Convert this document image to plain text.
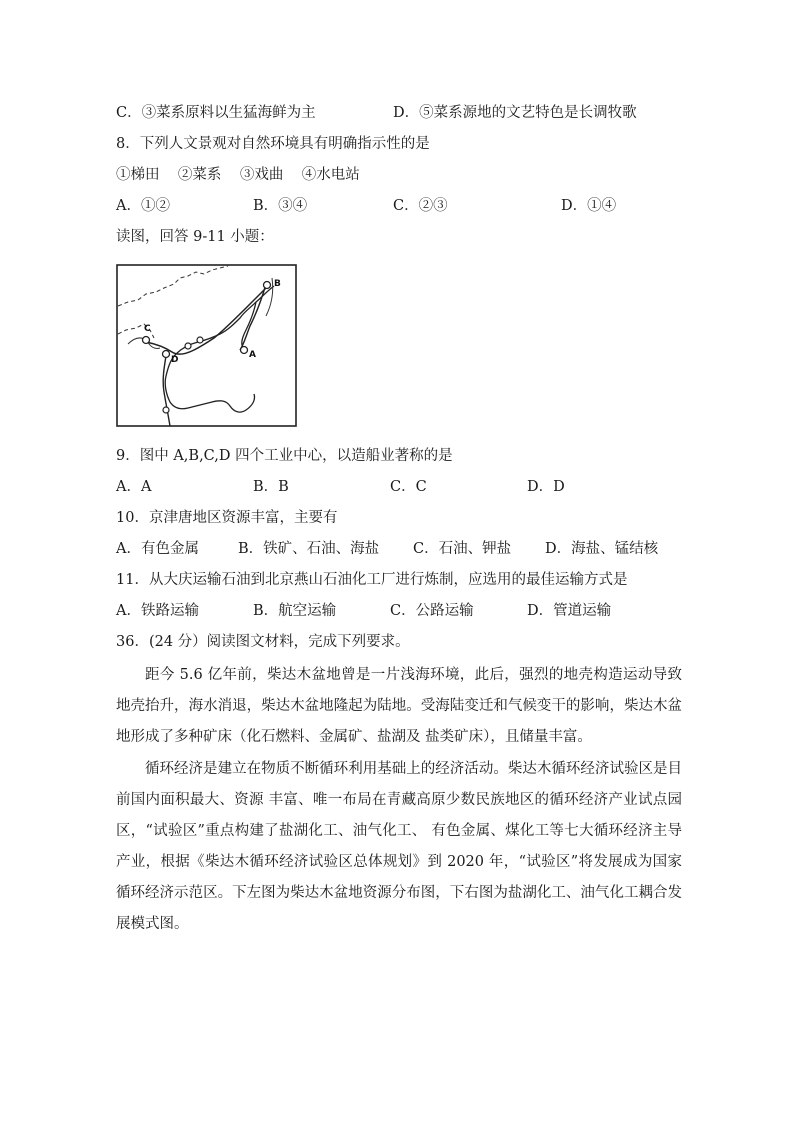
C．③菜系原料以生猛海鲜为主	D．⑤菜系源地的文艺特色是长调牧歌
8．下列人文景观对自然环境具有明确指示性的是
①梯田    ②菜系    ③戏曲    ④水电站
A．①②	B．③④	C．②③	D．①④
读图，回答 9-11 小题：
B
A
C
D
9．图中 A,B,C,D 四个工业中心，以造船业著称的是
A．A	B．B	C．C	D．D
10．京津唐地区资源丰富，主要有
A．有色金属	B．铁矿、石油、海盐 C．石油、钾盐 D．海盐、锰结核
11．从大庆运输石油到北京燕山石油化工厂进行炼制，应选用的最佳运输方式是
A．铁路运输	B．航空运输	C．公路运输	D．管道运输
36．(24 分）阅读图文材料，完成下列要求。
距今 5.6 亿年前，柴达木盆地曾是一片浅海环境，此后，强烈的地壳构造运动导致地壳抬升，海水消退，柴达木盆地隆起为陆地。受海陆变迁和气候变干的影响，柴达木盆地形成了多种矿床（化石燃料、金属矿、盐湖及 盐类矿床），且储量丰富。
循环经济是建立在物质不断循环利用基础上的经济活动。柴达木循环经济试验区是目前国内面积最大、资源 丰富、唯一布局在青藏高原少数民族地区的循环经济产业试点园区，“试验区”重点构建了盐湖化工、油气化工、 有色金属、煤化工等七大循环经济主导产业，根据《柴达木循环经济试验区总体规划》到 2020 年，“试验区”将发展成为国家循环经济示范区。下左图为柴达木盆地资源分布图，下右图为盐湖化工、油气化工耦合发展模式图。
